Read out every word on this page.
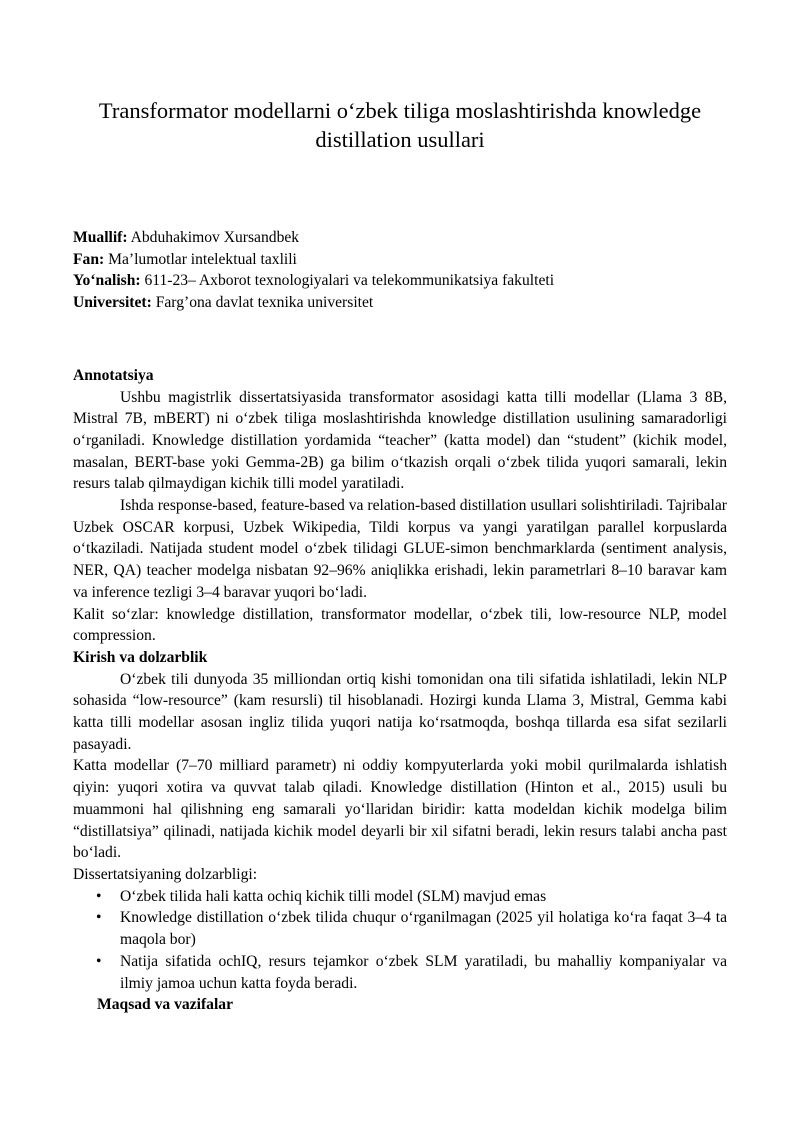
Transformator modellarni o‘zbek tiliga moslashtirishda knowledge distillation usullari
Muallif: Abduhakimov Xursandbek
Fan: Ma’lumotlar intelektual taxlili
Yo‘nalish: 611-23– Axborot texnologiyalari va telekommunikatsiya fakulteti
Universitet: Farg’ona davlat texnika universitet
Annotatsiya

Ushbu magistrlik dissertatsiyasida transformator asosidagi katta tilli modellar (Llama 3 8B, Mistral 7B, mBERT) ni o‘zbek tiliga moslashtirishda knowledge distillation usulining samaradorligi o‘rganiladi. Knowledge distillation yordamida “teacher” (katta model) dan “student” (kichik model, masalan, BERT-base yoki Gemma-2B) ga bilim o‘tkazish orqali o‘zbek tilida yuqori samarali, lekin resurs talab qilmaydigan kichik tilli model yaratiladi.

Ishda response-based, feature-based va relation-based distillation usullari solishtiriladi. Tajribalar Uzbek OSCAR korpusi, Uzbek Wikipedia, Tildi korpus va yangi yaratilgan parallel korpuslarda o‘tkaziladi. Natijada student model o‘zbek tilidagi GLUE-simon benchmarklarda (sentiment analysis, NER, QA) teacher modelga nisbatan 92–96% aniqlikka erishadi, lekin parametrlari 8–10 baravar kam va inference tezligi 3–4 baravar yuqori bo‘ladi.

Kalit so‘zlar: knowledge distillation, transformator modellar, o‘zbek tili, low-resource NLP, model compression.

Kirish va dolzarblik

O‘zbek tili dunyoda 35 milliondan ortiq kishi tomonidan ona tili sifatida ishlatiladi, lekin NLP sohasida “low-resource” (kam resursli) til hisoblanadi. Hozirgi kunda Llama 3, Mistral, Gemma kabi katta tilli modellar asosan ingliz tilida yuqori natija ko‘rsatmoqda, boshqa tillarda esa sifat sezilarli pasayadi.

Katta modellar (7–70 milliard parametr) ni oddiy kompyuterlarda yoki mobil qurilmalarda ishlatish qiyin: yuqori xotira va quvvat talab qiladi. Knowledge distillation (Hinton et al., 2015) usuli bu muammoni hal qilishning eng samarali yo‘llaridan biridir: katta modeldan kichik modelga bilim “distillatsiya” qilinadi, natijada kichik model deyarli bir xil sifatni beradi, lekin resurs talabi ancha past bo‘ladi.

Dissertatsiyaning dolzarbligi:

• O‘zbek tilida hali katta ochiq kichik tilli model (SLM) mavjud emas
• Knowledge distillation o‘zbek tilida chuqur o‘rganilmagan (2025 yil holatiga ko‘ra faqat 3–4 ta maqola bor)
• Natija sifatida ochIQ, resurs tejamkor o‘zbek SLM yaratiladi, bu mahalliy kompaniyalar va ilmiy jamoa uchun katta foyda beradi.
Maqsad va vazifalar
